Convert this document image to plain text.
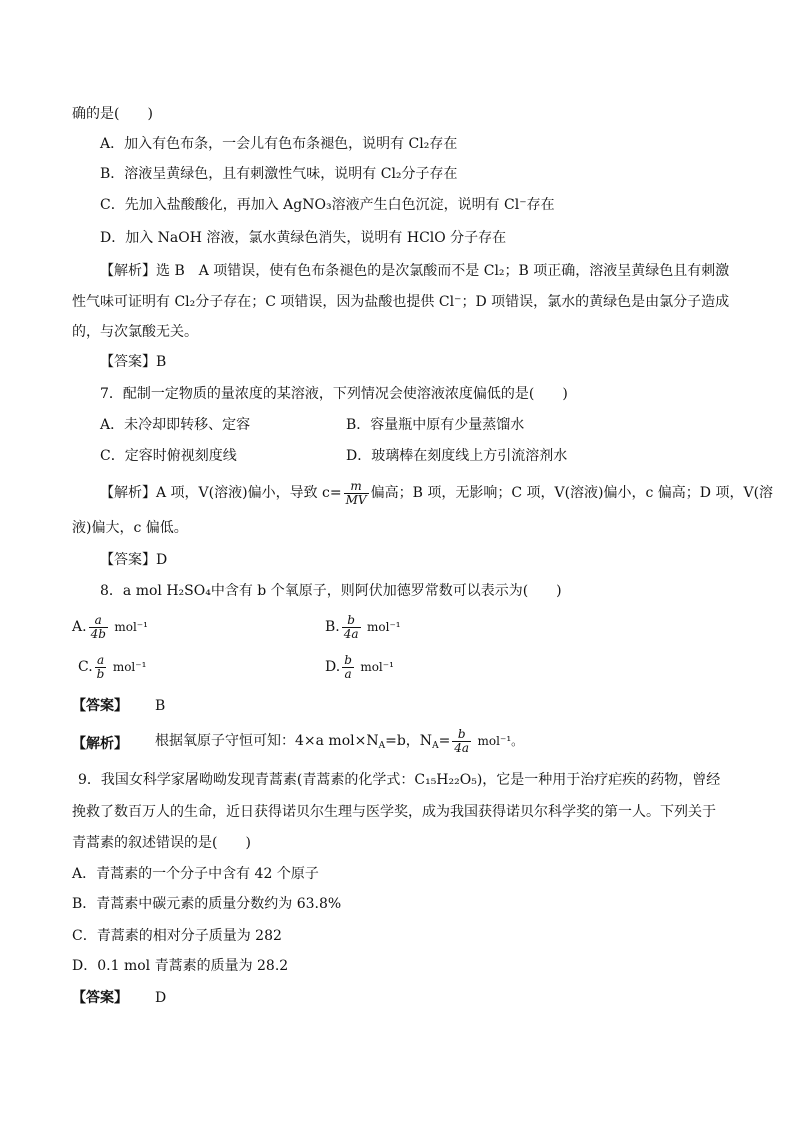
确的是(　　)
A．加入有色布条，一会儿有色布条褪色，说明有 Cl₂存在
B．溶液呈黄绿色，且有刺激性气味，说明有 Cl₂分子存在
C．先加入盐酸酸化，再加入 AgNO₃溶液产生白色沉淀，说明有 Cl⁻存在
D．加入 NaOH 溶液，氯水黄绿色消失，说明有 HClO 分子存在
【解析】选 B　A 项错误，使有色布条褪色的是次氯酸而不是 Cl₂；B 项正确，溶液呈黄绿色且有刺激
性气味可证明有 Cl₂分子存在；C 项错误，因为盐酸也提供 Cl⁻；D 项错误，氯水的黄绿色是由氯分子造成
的，与次氯酸无关。
【答案】B
7．配制一定物质的量浓度的某溶液，下列情况会使溶液浓度偏低的是(　　)
A．未冷却即转移、定容	B．容量瓶中原有少量蒸馏水
C．定容时俯视刻度线	D．玻璃棒在刻度线上方引流溶剂水
【解析】A 项，V(溶液)偏小，导致 $c= \frac{m}{MV}$ 偏高；B 项，无影响；C 项，V(溶液)偏小，c 偏高；D 项，V(溶
液)偏大，c 偏低。
【答案】D
8．a mol H₂SO₄中含有 b 个氧原子，则阿伏加德罗常数可以表示为(　　)
A. $\frac{a}{4b} mol^{-1}$	B. $\frac{b}{4a} mol^{-1}$
C. $\frac{a}{b} mol^{-1}$	D. $\frac{b}{a} mol^{-1}$
【答案】 B
【解析】 根据氧原子守恒可知：4×a $mol\times N_A=b$，$N_A= \frac{b}{4a} mol^{-1}$。
9．我国女科学家屠呦呦发现青蒿素(青蒿素的化学式：C₁₅H₂₂O₅)，它是一种用于治疗疟疾的药物，曾经
挽救了数百万人的生命，近日获得诺贝尔生理与医学奖，成为我国获得诺贝尔科学奖的第一人。下列关于
青蒿素的叙述错误的是(　　)
A．青蒿素的一个分子中含有 42 个原子
B．青蒿素中碳元素的质量分数约为 63.8%
C．青蒿素的相对分子质量为 282
D．0.1 mol 青蒿素的质量为 28.2
【答案】 D
